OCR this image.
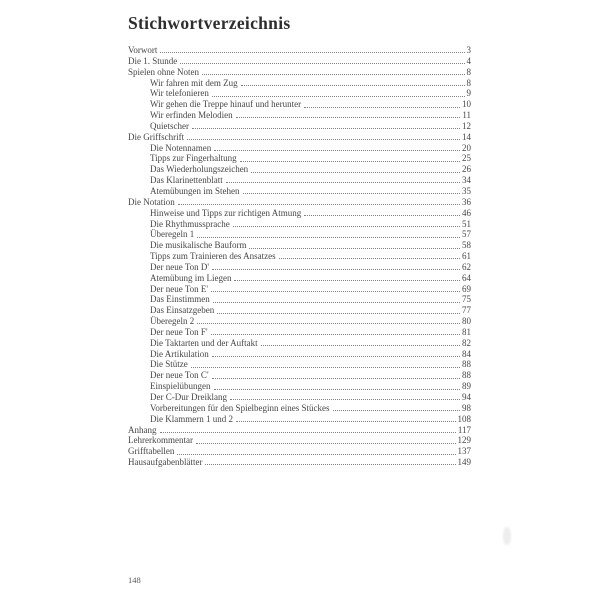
Stichwortverzeichnis
Vorwort	3
Die 1. Stunde	4
Spielen ohne Noten	8
Wir fahren mit dem Zug	8
Wir telefonieren	9
Wir gehen die Treppe hinauf und herunter	10
Wir erfinden Melodien	11
Quietscher	12
Die Griffschrift	14
Die Notennamen	20
Tipps zur Fingerhaltung	25
Das Wiederholungszeichen	26
Das Klarinettenblatt	34
Atemübungen im Stehen	35
Die Notation	36
Hinweise und Tipps zur richtigen Atmung	46
Die Rhythmussprache	51
Überegeln 1	57
Die musikalische Bauform	58
Tipps zum Trainieren des Ansatzes	61
Der neue Ton D'	62
Atemübung im Liegen	64
Der neue Ton E'	69
Das Einstimmen	75
Das Einsatzgeben	77
Überegeln 2	80
Der neue Ton F'	81
Die Taktarten und der Auftakt	82
Die Artikulation	84
Die Stütze	88
Der neue Ton C'	88
Einspielübungen	89
Der C-Dur Dreiklang	94
Vorbereitungen für den Spielbeginn eines Stückes	98
Die Klammern 1 und 2	108
Anhang	117
Lehrerkommentar	129
Grifftabellen	137
Hausaufgabenblätter	149
148
